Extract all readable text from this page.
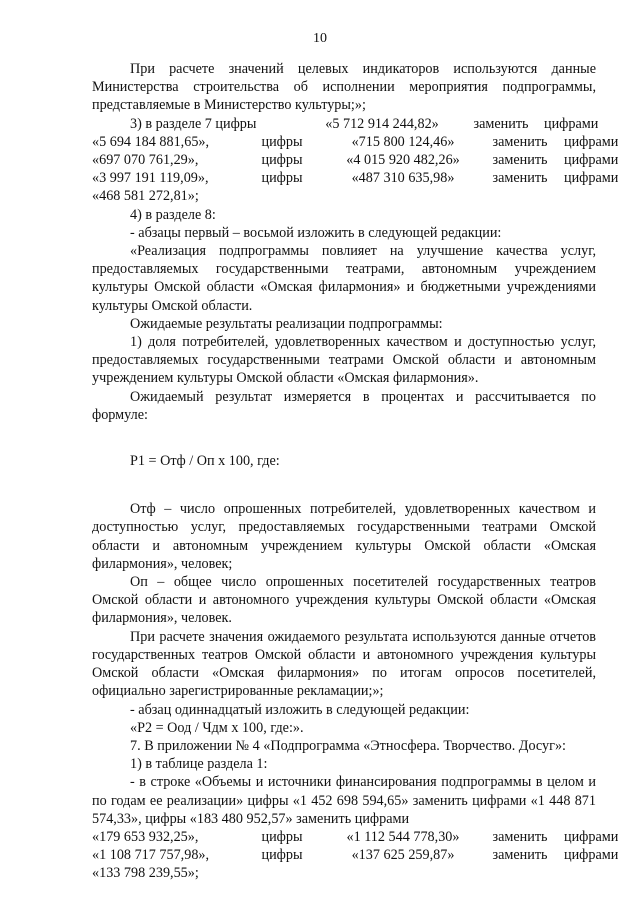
10

При расчете значений целевых индикаторов используются данные Министерства строительства об исполнении мероприятия подпрограммы, представляемые в Министерство культуры;»;

3) в разделе 7 цифры	«5 712 914 244,82»	заменить	цифрами
«5 694 184 881,65»,	цифры	«715 800 124,46»	заменить	цифрами
«697 070 761,29»,	цифры	«4 015 920 482,26»	заменить	цифрами
«3 997 191 119,09»,	цифры	«487 310 635,98»	заменить	цифрами

«468 581 272,81»;

4) в разделе 8:

- абзацы первый – восьмой изложить в следующей редакции:

«Реализация подпрограммы повлияет на улучшение качества услуг, предоставляемых государственными театрами, автономным учреждением культуры Омской области «Омская филармония» и бюджетными учреждениями культуры Омской области.

Ожидаемые результаты реализации подпрограммы:

1) доля потребителей, удовлетворенных качеством и доступностью услуг, предоставляемых государственными театрами Омской области и автономным учреждением культуры Омской области «Омская филармония».

Ожидаемый результат измеряется в процентах и рассчитывается по формуле:

Р1 = Отф / Оп х 100, где:

Отф – число опрошенных потребителей, удовлетворенных качеством и доступностью услуг, предоставляемых государственными театрами Омской области и автономным учреждением культуры Омской области «Омская филармония», человек;

Оп – общее число опрошенных посетителей государственных театров Омской области и автономного учреждения культуры Омской области «Омская филармония», человек.

При расчете значения ожидаемого результата используются данные отчетов государственных театров Омской области и автономного учреждения культуры Омской области «Омская филармония» по итогам опросов посетителей, официально зарегистрированные рекламации;»;

- абзац одиннадцатый изложить в следующей редакции:

«Р2 = Оод / Чдм х 100, где:».

7. В приложении № 4 «Подпрограмма «Этносфера. Творчество. Досуг»:

1) в таблице раздела 1:

- в строке «Объемы и источники финансирования подпрограммы в целом и по годам ее реализации» цифры «1 452 698 594,65» заменить цифрами «1 448 871 574,33», цифры «183 480 952,57» заменить цифрами

«179 653 932,25»,	цифры	«1 112 544 778,30»	заменить	цифрами
«1 108 717 757,98»,	цифры	«137 625 259,87»	заменить	цифрами

«133 798 239,55»;
